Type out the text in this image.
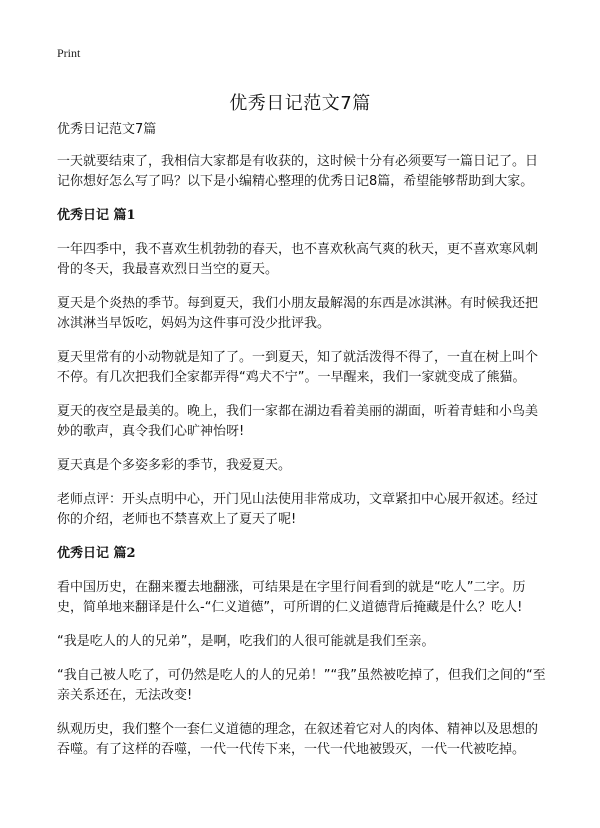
Print
优秀日记范文7篇

优秀日记范文7篇

一天就要结束了，我相信大家都是有收获的，这时候十分有必须要写一篇日记了。日记你想好怎么写了吗？以下是小编精心整理的优秀日记8篇，希望能够帮助到大家。

优秀日记 篇1

一年四季中，我不喜欢生机勃勃的春天，也不喜欢秋高气爽的秋天，更不喜欢寒风刺骨的冬天，我最喜欢烈日当空的夏天。

夏天是个炎热的季节。每到夏天，我们小朋友最解渴的东西是冰淇淋。有时候我还把冰淇淋当早饭吃，妈妈为这件事可没少批评我。

夏天里常有的小动物就是知了了。一到夏天，知了就活泼得不得了，一直在树上叫个不停。有几次把我们全家都弄得“鸡犬不宁”。一早醒来，我们一家就变成了熊猫。

夏天的夜空是最美的。晚上，我们一家都在湖边看着美丽的湖面，听着青蛙和小鸟美妙的歌声，真令我们心旷神怡呀!

夏天真是个多姿多彩的季节，我爱夏天。

老师点评：开头点明中心，开门见山法使用非常成功，文章紧扣中心展开叙述。经过你的介绍，老师也不禁喜欢上了夏天了呢!

优秀日记 篇2

看中国历史，在翻来覆去地翻涨，可结果是在字里行间看到的就是“吃人”二字。历史，简单地来翻译是什么-“仁义道德”，可所谓的仁义道德背后掩藏是什么？吃人!

“我是吃人的人的兄弟”，是啊，吃我们的人很可能就是我们至亲。

“我自己被人吃了，可仍然是吃人的人的兄弟！”“我”虽然被吃掉了，但我们之间的“至亲关系还在，无法改变!

纵观历史，我们整个一套仁义道德的理念，在叙述着它对人的肉体、精神以及思想的吞噬。有了这样的吞噬，一代一代传下来，一代一代地被毁灭，一代一代被吃掉。
